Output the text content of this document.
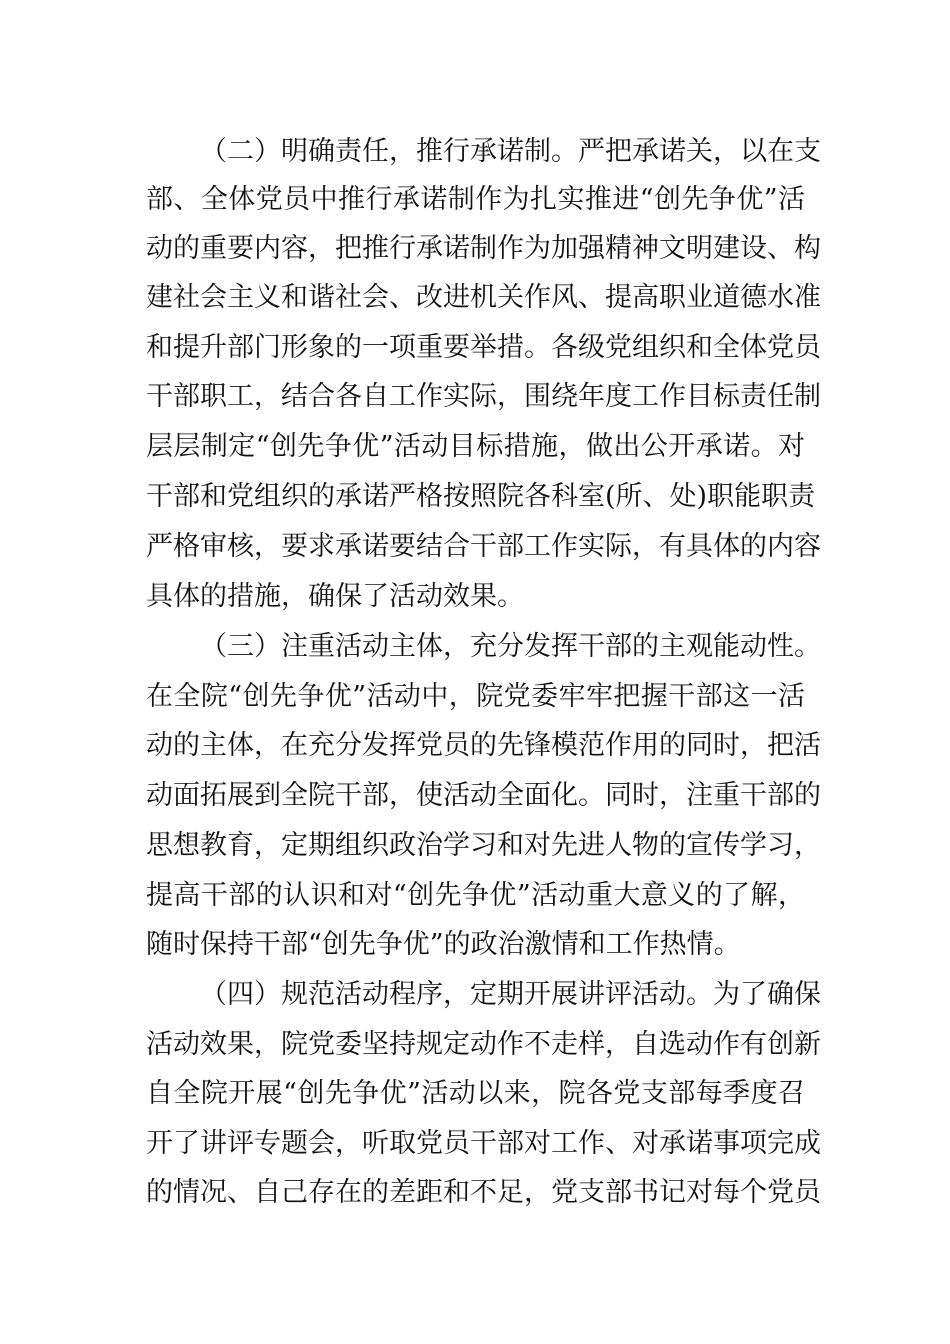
（二）明确责任，推行承诺制。严把承诺关，以在支
部、全体党员中推行承诺制作为扎实推进“创先争优”活
动的重要内容，把推行承诺制作为加强精神文明建设、构
建社会主义和谐社会、改进机关作风、提高职业道德水准
和提升部门形象的一项重要举措。各级党组织和全体党员
干部职工，结合各自工作实际，围绕年度工作目标责任制
层层制定“创先争优”活动目标措施，做出公开承诺。对
干部和党组织的承诺严格按照院各科室(所、处)职能职责
严格审核，要求承诺要结合干部工作实际，有具体的内容
具体的措施，确保了活动效果。
（三）注重活动主体，充分发挥干部的主观能动性。
在全院“创先争优”活动中，院党委牢牢把握干部这一活
动的主体，在充分发挥党员的先锋模范作用的同时，把活
动面拓展到全院干部，使活动全面化。同时，注重干部的
思想教育，定期组织政治学习和对先进人物的宣传学习，
提高干部的认识和对“创先争优”活动重大意义的了解，
随时保持干部“创先争优”的政治激情和工作热情。
（四）规范活动程序，定期开展讲评活动。为了确保
活动效果，院党委坚持规定动作不走样，自选动作有创新
自全院开展“创先争优”活动以来，院各党支部每季度召
开了讲评专题会，听取党员干部对工作、对承诺事项完成
的情况、自己存在的差距和不足，党支部书记对每个党员
